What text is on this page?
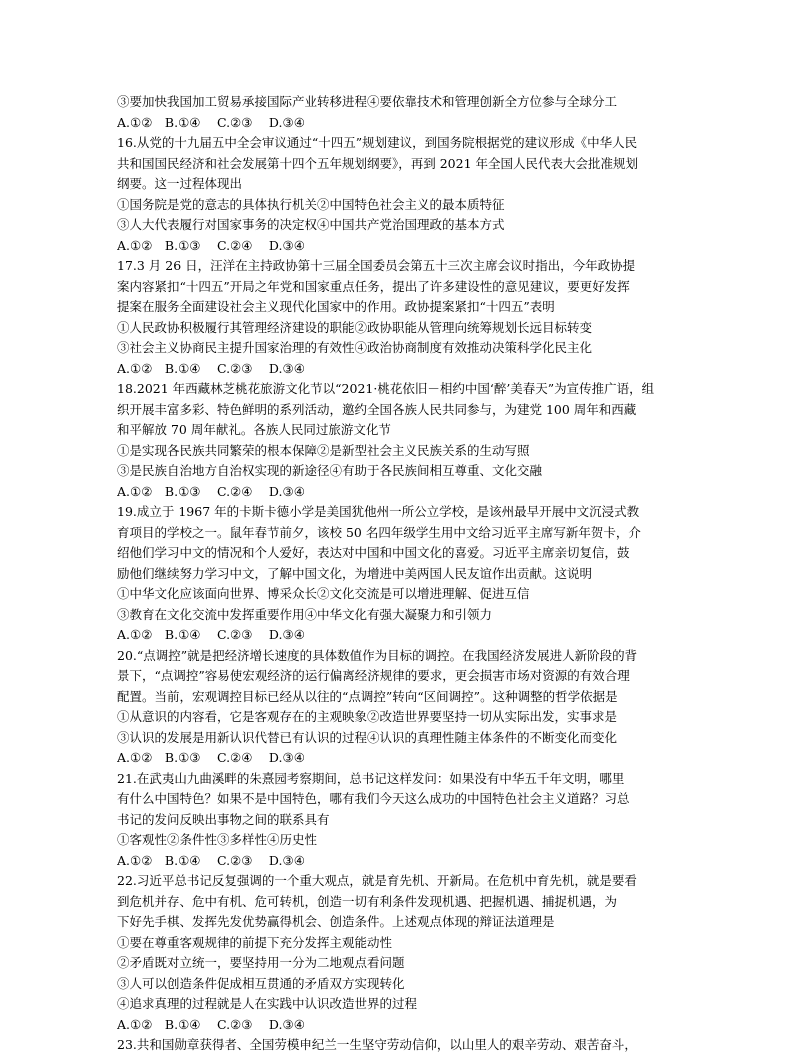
③要加快我国加工贸易承接国际产业转移进程④要依靠技术和管理创新全方位参与全球分工
A.①②　B.①④　 C.②③　 D.③④
16.从党的十九届五中全会审议通过“十四五”规划建议，到国务院根据党的建议形成《中华人民
共和国国民经济和社会发展第十四个五年规划纲要》，再到 2021 年全国人民代表大会批准规划
纲要。这一过程体现出
①国务院是党的意志的具体执行机关②中国特色社会主义的最本质特征
③人大代表履行对国家事务的决定权④中国共产党治国理政的基本方式
A.①②　B.①③　 C.②④　 D.③④
17.3 月 26 日，汪洋在主持政协第十三届全国委员会第五十三次主席会议时指出，今年政协提
案内容紧扣“十四五”开局之年党和国家重点任务，提出了许多建设性的意见建议，要更好发挥
提案在服务全面建设社会主义现代化国家中的作用。政协提案紧扣“十四五”表明
①人民政协积极履行其管理经济建设的职能②政协职能从管理向统筹规划长远目标转变
③社会主义协商民主提升国家治理的有效性④政治协商制度有效推动决策科学化民主化
A.①②　B.①④　 C.②③　 D.③④
18.2021 年西藏林芝桃花旅游文化节以“2021·桃花依旧－相约中国‘醉’美春天”为宣传推广语，组
织开展丰富多彩、特色鲜明的系列活动，邀约全国各族人民共同参与，为建党 100 周年和西藏
和平解放 70 周年献礼。各族人民同过旅游文化节
①是实现各民族共同繁荣的根本保障②是新型社会主义民族关系的生动写照
③是民族自治地方自治权实现的新途径④有助于各民族间相互尊重、文化交融
A.①②　B.①③　 C.②④　 D.③④
19.成立于 1967 年的卡斯卡德小学是美国犹他州一所公立学校，是该州最早开展中文沉浸式教
育项目的学校之一。鼠年春节前夕，该校 50 名四年级学生用中文给习近平主席写新年贺卡，介
绍他们学习中文的情况和个人爱好，表达对中国和中国文化的喜爱。习近平主席亲切复信，鼓
励他们继续努力学习中文，了解中国文化，为增进中美两国人民友谊作出贡献。这说明
①中华文化应该面向世界、博采众长②文化交流是可以增进理解、促进互信
③教育在文化交流中发挥重要作用④中华文化有强大凝聚力和引领力
A.①②　B.①④　 C.②③　 D.③④
20.“点调控”就是把经济增长速度的具体数值作为目标的调控。在我国经济发展进人新阶段的背
景下，“点调控”容易使宏观经济的运行偏离经济规律的要求，更会损害市场对资源的有效合理
配置。当前，宏观调控目标已经从以往的“点调控”转向“区间调控”。这种调整的哲学依据是
①从意识的内容看，它是客观存在的主观映象②改造世界要坚持一切从实际出发，实事求是
③认识的发展是用新认识代替已有认识的过程④认识的真理性随主体条件的不断变化而变化
A.①②　B.①③　 C.②④　 D.③④
21.在武夷山九曲溪畔的朱熹园考察期间，总书记这样发问：如果没有中华五千年文明，哪里
有什么中国特色？如果不是中国特色，哪有我们今天这么成功的中国特色社会主义道路？习总
书记的发问反映出事物之间的联系具有
①客观性②条件性③多样性④历史性
A.①②　B.①④　 C.②③　 D.③④
22.习近平总书记反复强调的一个重大观点，就是育先机、开新局。在危机中育先机，就是要看
到危机并存、危中有机、危可转机，创造一切有利条件发现机遇、把握机遇、捕捉机遇，为
下好先手棋、发挥先发优势赢得机会、创造条件。上述观点体现的辩证法道理是
①要在尊重客观规律的前提下充分发挥主观能动性
②矛盾既对立统一，要坚持用一分为二地观点看问题
③人可以创造条件促成相互贯通的矛盾双方实现转化
④追求真理的过程就是人在实践中认识改造世界的过程
A.①②　B.①④　 C.②③　 D.③④
23.共和国勋章获得者、全国劳模申纪兰一生坚守劳动信仰，以山里人的艰辛劳动、艰苦奋斗，
